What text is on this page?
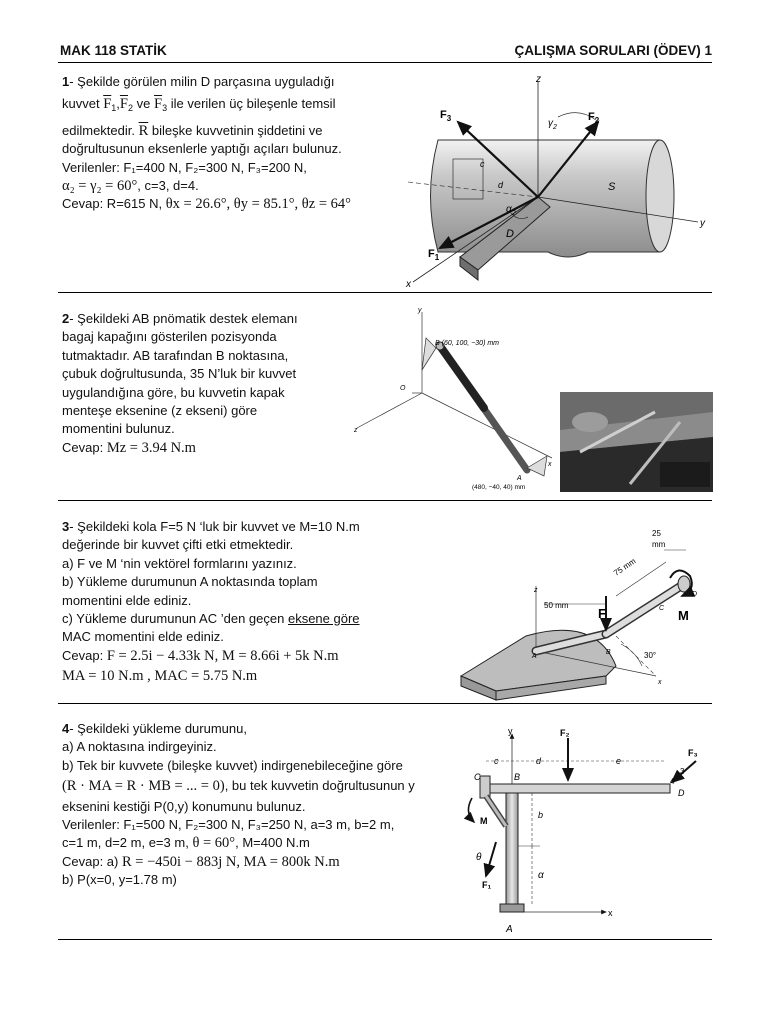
MAK 118 STATİK	ÇALIŞMA SORULARI (ÖDEV) 1
1- Şekilde görülen milin D parçasına uyguladığı
kuvvet $\overline{F}_1,\overline{F}_2$ ve $\overline{F}_3$ ile verilen üç bileşenle temsil
edilmektedir. $\overline{R}$ bileşke kuvvetinin şiddetini ve
doğrultusunun eksenlerle yaptığı açıları bulunuz.
Verilenler: F₁=400 N, F₂=300 N, F₃=200 N,
α₂ = γ₂ = 60°, c=3, d=4.
Cevap: R=615 N, θx = 26.6°, θy = 85.1°, θz = 64°
z
y
x
$F_3$	$F_2$
$F_1$
$\gamma_2$
$\alpha_2$
c
d	S
D
2- Şekildeki AB pnömatik destek elemanı
bagaj kapağını gösterilen pozisyonda
tutmaktadır. AB tarafından B noktasına,
çubuk doğrultusunda, 35 N’luk bir kuvvet
uygulandığına göre, bu kuvvetin kapak
menteşe eksenine (z ekseni) göre
momentini bulunuz.
Cevap: Mz = 3.94 N.m
y
O
z
x
B (60, 100, −30) mm
A
(480, −40, 40) mm
3- Şekildeki kola F=5 N ‘luk bir kuvvet ve M=10 N.m
değerinde bir kuvvet çifti etki etmektedir.
a) F ve M ‘nin vektörel formlarını yazınız.
b) Yükleme durumunun A noktasında toplam
momentini elde ediniz.
c) Yükleme durumunun AC ’den geçen eksene göre
MAC momentini elde ediniz.
Cevap: F = 2.5i − 4.33k N, M = 8.66i + 5k N.m
MA = 10 N.m , MAC = 5.75 N.m
z
x
A
B
C
D
25
mm
75 mm
50 mm
F	M
30°
4- Şekildeki yükleme durumunu,
a) A noktasına indirgeyiniz.
b) Tek bir kuvvete (bileşke kuvvet) indirgenebileceğine göre
(R · MA = R · MB = ... = 0), bu tek kuvvetin doğrultusunun y
eksenini kestiği P(0,y) konumunu bulunuz.
Verilenler: F₁=500 N, F₂=300 N, F₃=250 N, a=3 m, b=2 m,
c=1 m, d=2 m, e=3 m, θ = 60°, M=400 N.m
Cevap: a) R = −450i − 883j N, MA = 800k N.m
b) P(x=0, y=1.78 m)
y
x
c	d	e
b
α
C	B
D
A
M
θ
F₁
F₂
F₃
3
4
